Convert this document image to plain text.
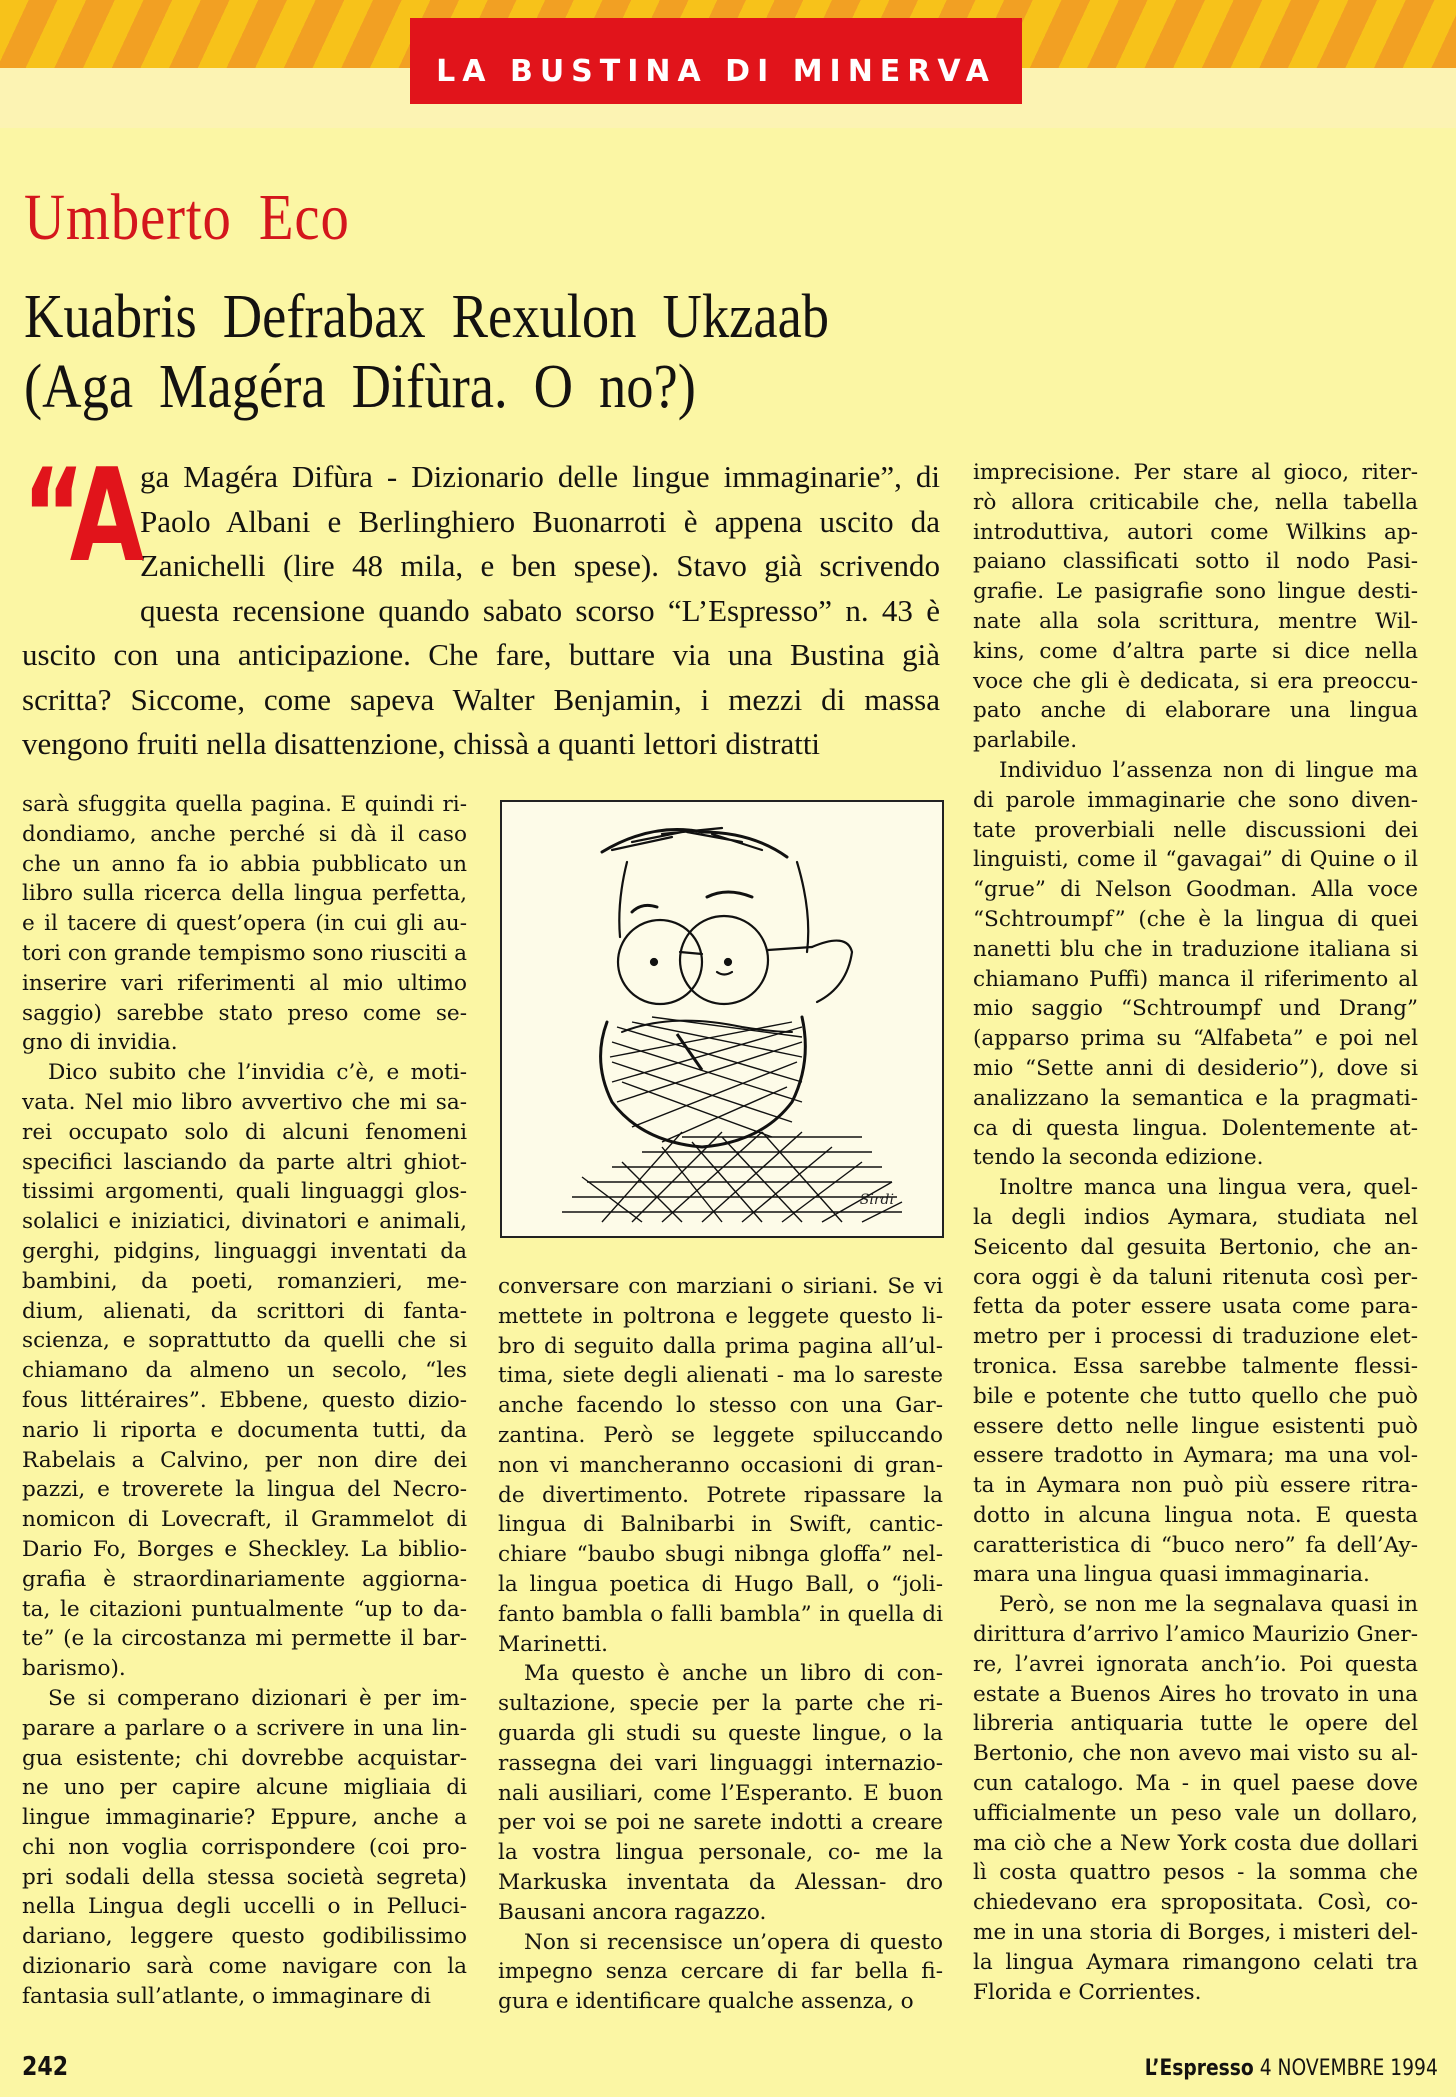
LA BUSTINA DI MINERVA
Umberto Eco
Kuabris Defrabax Rexulon Ukzaab
(Aga Magéra Difùra. O no?)
“A
ga Magéra Difùra - Dizionario delle lingue immaginarie”, di Paolo Albani e Berlinghiero Buonarroti è appena uscito da Zanichelli (lire 48 mila, e ben spese). Stavo già scrivendo questa recensione quando sabato scorso “L’Espresso” n. 43 è uscito con una anticipazione. Che fare, buttare via una Bustina già scritta? Siccome, come sapeva Walter Benjamin, i mezzi di massa vengono fruiti nella disattenzione, chissà a quanti lettori distratti

sarà sfuggita quella pagina. E quindi ri- dondiamo, anche perché si dà il caso che un anno fa io abbia pubblicato un libro sulla ricerca della lingua perfetta, e il tacere di quest’opera (in cui gli au- tori con grande tempismo sono riusciti a inserire vari riferimenti al mio ultimo saggio) sarebbe stato preso come se- gno di invidia.

Dico subito che l’invidia c’è, e moti- vata. Nel mio libro avvertivo che mi sa- rei occupato solo di alcuni fenomeni specifici lasciando da parte altri ghiot- tissimi argomenti, quali linguaggi glos- solalici e iniziatici, divinatori e animali, gerghi, pidgins, linguaggi inventati da bambini, da poeti, romanzieri, me- dium, alienati, da scrittori di fanta- scienza, e soprattutto da quelli che si chiamano da almeno un secolo, “les fous littéraires”. Ebbene, questo dizio- nario li riporta e documenta tutti, da Rabelais a Calvino, per non dire dei pazzi, e troverete la lingua del Necro- nomicon di Lovecraft, il Grammelot di Dario Fo, Borges e Sheckley. La biblio- grafia è straordinariamente aggiorna- ta, le citazioni puntualmente “up to da- te” (e la circostanza mi permette il bar- barismo).

Se si comperano dizionari è per im- parare a parlare o a scrivere in una lin- gua esistente; chi dovrebbe acquistar- ne uno per capire alcune migliaia di lingue immaginarie? Eppure, anche a chi non voglia corrispondere (coi pro- pri sodali della stessa società segreta) nella Lingua degli uccelli o in Pelluci- dariano, leggere questo godibilissimo dizionario sarà come navigare con la fantasia sull’atlante, o immaginare di

Sirdi

conversare con marziani o siriani. Se vi mettete in poltrona e leggete questo li- bro di seguito dalla prima pagina all’ul- tima, siete degli alienati - ma lo sareste anche facendo lo stesso con una Gar- zantina. Però se leggete spiluccando non vi mancheranno occasioni di gran- de divertimento. Potrete ripassare la lingua di Balnibarbi in Swift, cantic- chiare “baubo sbugi nibnga gloffa” nel- la lingua poetica di Hugo Ball, o “joli- fanto bambla o falli bambla” in quella di Marinetti.

Ma questo è anche un libro di con- sultazione, specie per la parte che ri- guarda gli studi su queste lingue, o la rassegna dei vari linguaggi internazio- nali ausiliari, come l’Esperanto. E buon per voi se poi ne sarete indotti a creare la vostra lingua personale, co- me la Markuska inventata da Alessan- dro Bausani ancora ragazzo.

Non si recensisce un’opera di questo impegno senza cercare di far bella fi- gura e identificare qualche assenza, o

imprecisione. Per stare al gioco, riter- rò allora criticabile che, nella tabella introduttiva, autori come Wilkins ap- paiano classificati sotto il nodo Pasi- grafie. Le pasigrafie sono lingue desti- nate alla sola scrittura, mentre Wil- kins, come d’altra parte si dice nella voce che gli è dedicata, si era preoccu- pato anche di elaborare una lingua parlabile.

Individuo l’assenza non di lingue ma di parole immaginarie che sono diven- tate proverbiali nelle discussioni dei linguisti, come il “gavagai” di Quine o il “grue” di Nelson Goodman. Alla voce “Schtroumpf” (che è la lingua di quei nanetti blu che in traduzione italiana si chiamano Puffi) manca il riferimento al mio saggio “Schtroumpf und Drang” (apparso prima su “Alfabeta” e poi nel mio “Sette anni di desiderio”), dove si analizzano la semantica e la pragmati- ca di questa lingua. Dolentemente at- tendo la seconda edizione.

Inoltre manca una lingua vera, quel- la degli indios Aymara, studiata nel Seicento dal gesuita Bertonio, che an- cora oggi è da taluni ritenuta così per- fetta da poter essere usata come para- metro per i processi di traduzione elet- tronica. Essa sarebbe talmente flessi- bile e potente che tutto quello che può essere detto nelle lingue esistenti può essere tradotto in Aymara; ma una vol- ta in Aymara non può più essere ritra- dotto in alcuna lingua nota. E questa caratteristica di “buco nero” fa dell’Ay- mara una lingua quasi immaginaria.

Però, se non me la segnalava quasi in dirittura d’arrivo l’amico Maurizio Gner- re, l’avrei ignorata anch’io. Poi questa estate a Buenos Aires ho trovato in una libreria antiquaria tutte le opere del Bertonio, che non avevo mai visto su al- cun catalogo. Ma - in quel paese dove ufficialmente un peso vale un dollaro, ma ciò che a New York costa due dollari lì costa quattro pesos - la somma che chiedevano era spropositata. Così, co- me in una storia di Borges, i misteri del- la lingua Aymara rimangono celati tra Florida e Corrientes.

242	L’Espresso 4 NOVEMBRE 1994
